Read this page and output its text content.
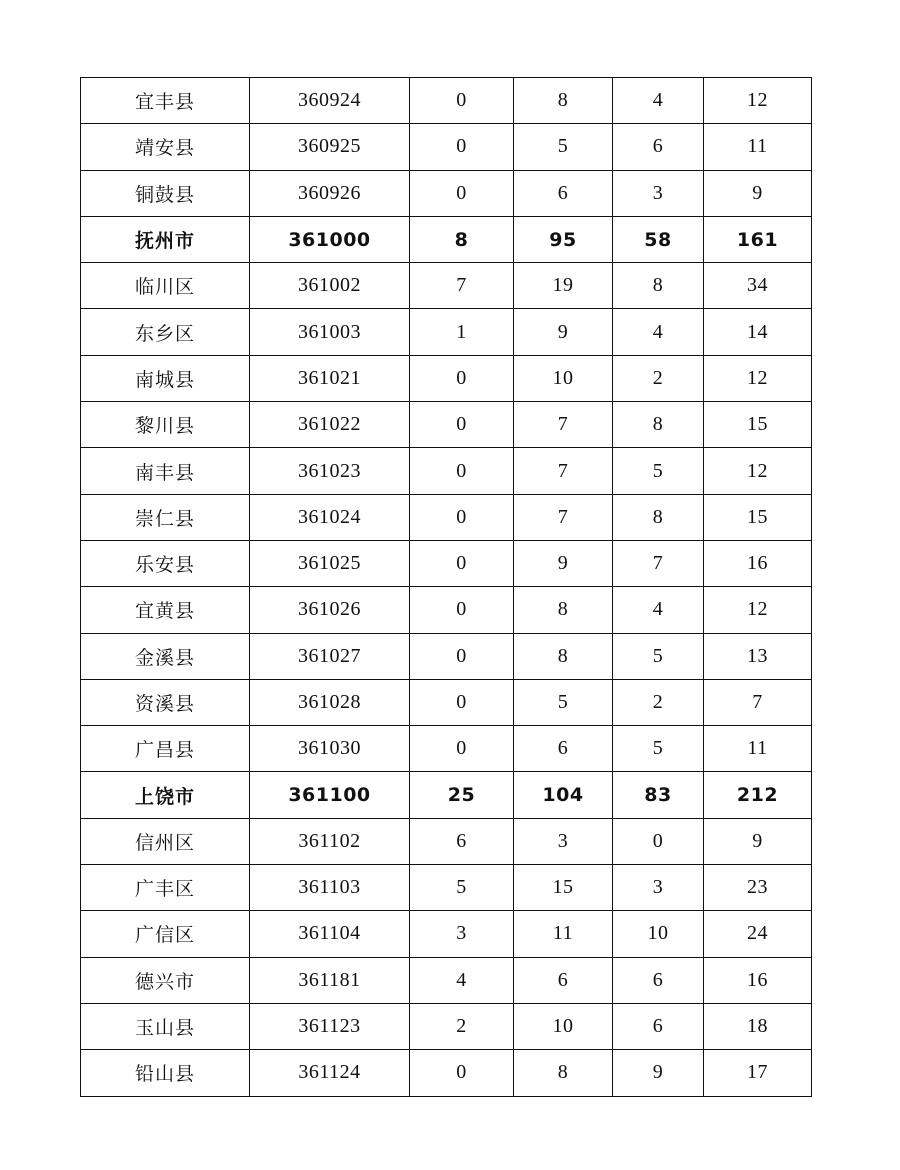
宜丰县	360924	0	8	4	12
靖安县	360925	0	5	6	11
铜鼓县	360926	0	6	3	9
抚州市	361000	8	95	58	161
临川区	361002	7	19	8	34
东乡区	361003	1	9	4	14
南城县	361021	0	10	2	12
黎川县	361022	0	7	8	15
南丰县	361023	0	7	5	12
崇仁县	361024	0	7	8	15
乐安县	361025	0	9	7	16
宜黄县	361026	0	8	4	12
金溪县	361027	0	8	5	13
资溪县	361028	0	5	2	7
广昌县	361030	0	6	5	11
上饶市	361100	25	104	83	212
信州区	361102	6	3	0	9
广丰区	361103	5	15	3	23
广信区	361104	3	11	10	24
德兴市	361181	4	6	6	16
玉山县	361123	2	10	6	18
铅山县	361124	0	8	9	17
